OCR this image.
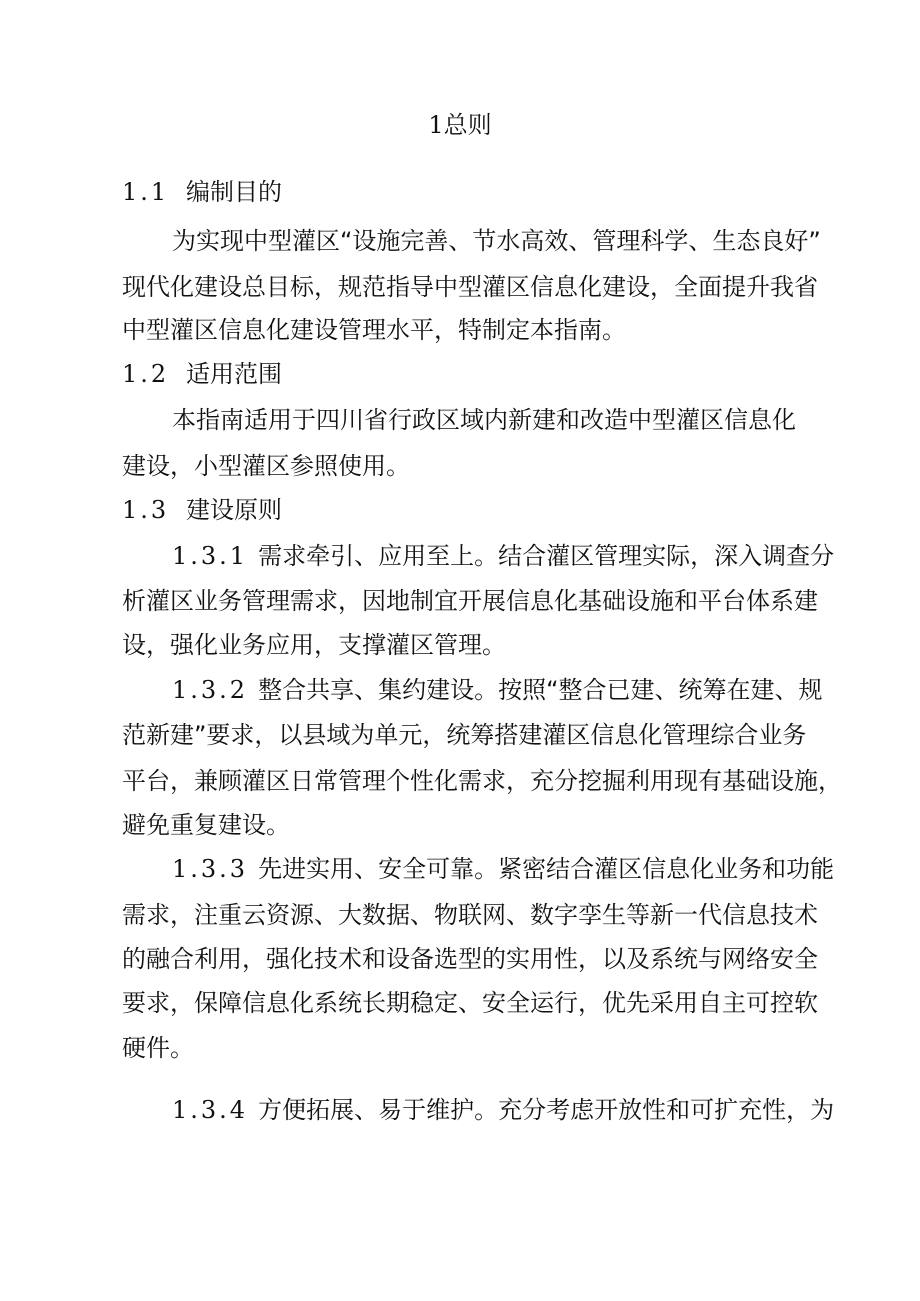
1总则
1.1 编制目的
为实现中型灌区“设施完善、节水高效、管理科学、生态良好”
现代化建设总目标，规范指导中型灌区信息化建设，全面提升我省
中型灌区信息化建设管理水平，特制定本指南。
1.2 适用范围
本指南适用于四川省行政区域内新建和改造中型灌区信息化
建设，小型灌区参照使用。
1.3 建设原则
1.3.1 需求牵引、应用至上。结合灌区管理实际，深入调查分
析灌区业务管理需求，因地制宜开展信息化基础设施和平台体系建
设，强化业务应用，支撑灌区管理。
1.3.2 整合共享、集约建设。按照“整合已建、统筹在建、规
范新建”要求，以县域为单元，统筹搭建灌区信息化管理综合业务
平台，兼顾灌区日常管理个性化需求，充分挖掘利用现有基础设施，
避免重复建设。
1.3.3 先进实用、安全可靠。紧密结合灌区信息化业务和功能
需求，注重云资源、大数据、物联网、数字孪生等新一代信息技术
的融合利用，强化技术和设备选型的实用性，以及系统与网络安全
要求，保障信息化系统长期稳定、安全运行，优先采用自主可控软
硬件。
1.3.4 方便拓展、易于维护。充分考虑开放性和可扩充性，为
